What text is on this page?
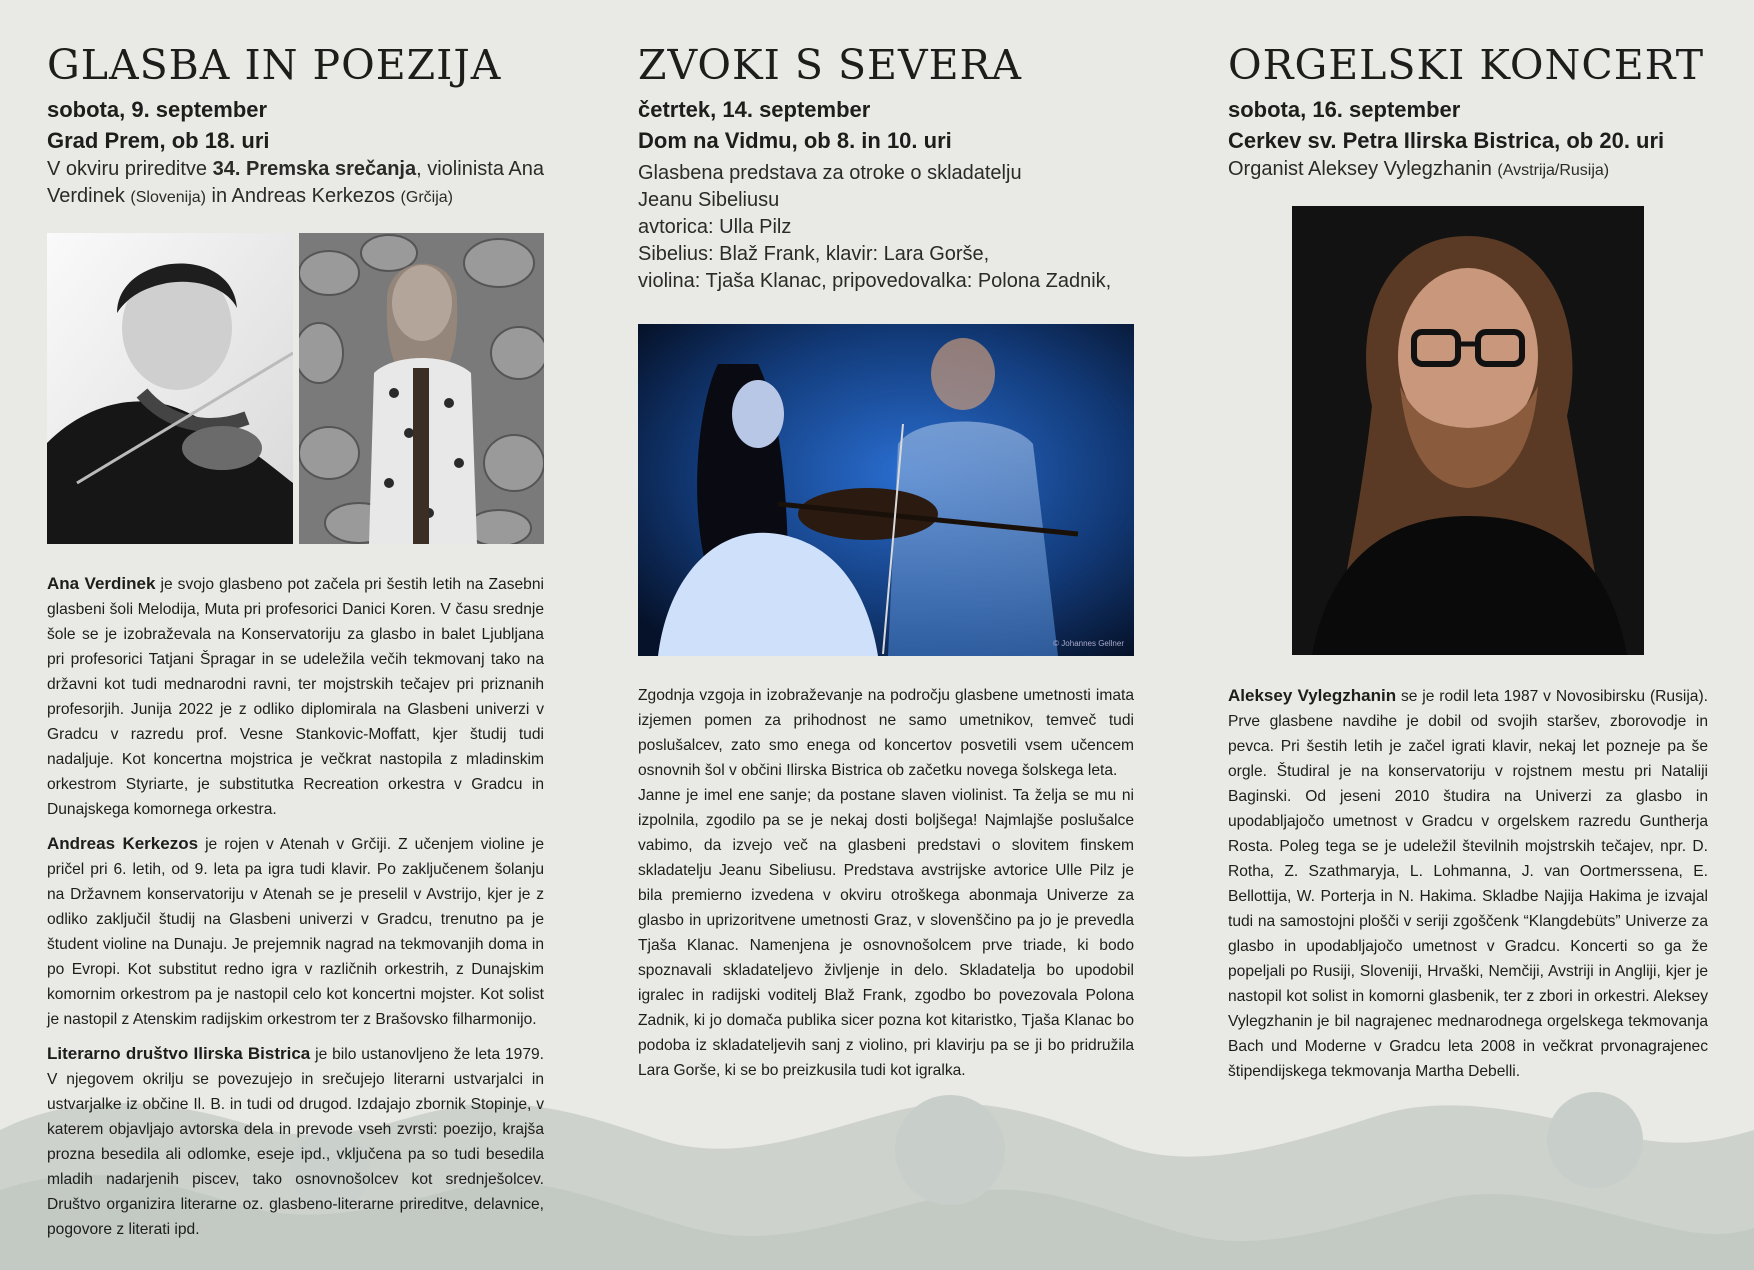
GLASBA IN POEZIJA
sobota, 9. september
Grad Prem, ob 18. uri
V okviru prireditve 34. Premska srečanja, violinista Ana Verdinek (Slovenija) in Andreas Kerkezos (Grčija)

Ana Verdinek je svojo glasbeno pot začela pri šestih letih na Zasebni glasbeni šoli Melodija, Muta pri profesorici Danici Koren. V času srednje šole se je izobraževala na Konservatoriju za glasbo in balet Ljubljana pri profesorici Tatjani Špragar in se udeležila večih tekmovanj tako na državni kot tudi mednarodni ravni, ter mojstrskih tečajev pri priznanih profesorjih. Junija 2022 je z odliko diplomirala na Glasbeni univerzi v Gradcu v razredu prof. Vesne Stankovic-Moffatt, kjer študij tudi nadaljuje. Kot koncertna mojstrica je večkrat nastopila z mladinskim orkestrom Styriarte, je substitutka Recreation orkestra v Gradcu in Dunajskega komornega orkestra.

Andreas Kerkezos je rojen v Atenah v Grčiji. Z učenjem violine je pričel pri 6. letih, od 9. leta pa igra tudi klavir. Po zaključenem šolanju na Državnem konservatoriju v Atenah se je preselil v Avstrijo, kjer je z odliko zaključil študij na Glasbeni univerzi v Gradcu, trenutno pa je študent violine na Dunaju. Je prejemnik nagrad na tekmovanjih doma in po Evropi. Kot substitut redno igra v različnih orkestrih, z Dunajskim komornim orkestrom pa je nastopil celo kot koncertni mojster. Kot solist je nastopil z Atenskim radijskim orkestrom ter z Brašovsko filharmonijo.

Literarno društvo Ilirska Bistrica je bilo ustanovljeno že leta 1979. V njegovem okrilju se povezujejo in srečujejo literarni ustvarjalci in ustvarjalke iz občine Il. B. in tudi od drugod. Izdajajo zbornik Stopinje, v katerem objavljajo avtorska dela in prevode vseh zvrsti: poezijo, krajša prozna besedila ali odlomke, eseje ipd., vključena pa so tudi besedila mladih nadarjenih piscev, tako osnovnošolcev kot srednješolcev. Društvo organizira literarne oz. glasbeno-literarne prireditve, delavnice, pogovore z literati ipd.

ZVOKI S SEVERA
četrtek, 14. september
Dom na Vidmu, ob 8. in 10. uri
Glasbena predstava za otroke o skladatelju
Jeanu Sibeliusu
avtorica: Ulla Pilz
Sibelius: Blaž Frank, klavir: Lara Gorše,
violina: Tjaša Klanac, pripovedovalka: Polona Zadnik,
© Johannes Gellner

Zgodnja vzgoja in izobraževanje na področju glasbene umetnosti imata izjemen pomen za prihodnost ne samo umetnikov, temveč tudi poslušalcev, zato smo enega od koncertov posvetili vsem učencem osnovnih šol v občini Ilirska Bistrica ob začetku novega šolskega leta.

Janne je imel ene sanje; da postane slaven violinist. Ta želja se mu ni izpolnila, zgodilo pa se je nekaj dosti boljšega! Najmlajše poslušalce vabimo, da izvejo več na glasbeni predstavi o slovitem finskem skladatelju Jeanu Sibeliusu. Predstava avstrijske avtorice Ulle Pilz je bila premierno izvedena v okviru otroškega abonmaja Univerze za glasbo in uprizoritvene umetnosti Graz, v slovenščino pa jo je prevedla Tjaša Klanac. Namenjena je osnovnošolcem prve triade, ki bodo spoznavali skladateljevo življenje in delo. Skladatelja bo upodobil igralec in radijski voditelj Blaž Frank, zgodbo bo povezovala Polona Zadnik, ki jo domača publika sicer pozna kot kitaristko, Tjaša Klanac bo podoba iz skladateljevih sanj z violino, pri klavirju pa se ji bo pridružila Lara Gorše, ki se bo preizkusila tudi kot igralka.

ORGELSKI KONCERT
sobota, 16. september
Cerkev sv. Petra Ilirska Bistrica, ob 20. uri
Organist Aleksey Vylegzhanin (Avstrija/Rusija)

Aleksey Vylegzhanin se je rodil leta 1987 v Novosibirsku (Rusija). Prve glasbene navdihe je dobil od svojih staršev, zborovodje in pevca. Pri šestih letih je začel igrati klavir, nekaj let pozneje pa še orgle. Študiral je na konservatoriju v rojstnem mestu pri Nataliji Baginski. Od jeseni 2010 študira na Univerzi za glasbo in upodabljajočo umetnost v Gradcu v orgelskem razredu Guntherja Rosta. Poleg tega se je udeležil številnih mojstrskih tečajev, npr. D. Rotha, Z. Szathmaryja, L. Lohmanna, J. van Oortmerssena, E. Bellottija, W. Porterja in N. Hakima. Skladbe Najija Hakima je izvajal tudi na samostojni plošči v seriji zgoščenk “Klangdebüts” Univerze za glasbo in upodabljajočo umetnost v Gradcu. Koncerti so ga že popeljali po Rusiji, Sloveniji, Hrvaški, Nemčiji, Avstriji in Angliji, kjer je nastopil kot solist in komorni glasbenik, ter z zbori in orkestri. Aleksey Vylegzhanin je bil nagrajenec mednarodnega orgelskega tekmovanja Bach und Moderne v Gradcu leta 2008 in večkrat prvonagrajenec štipendijskega tekmovanja Martha Debelli.
